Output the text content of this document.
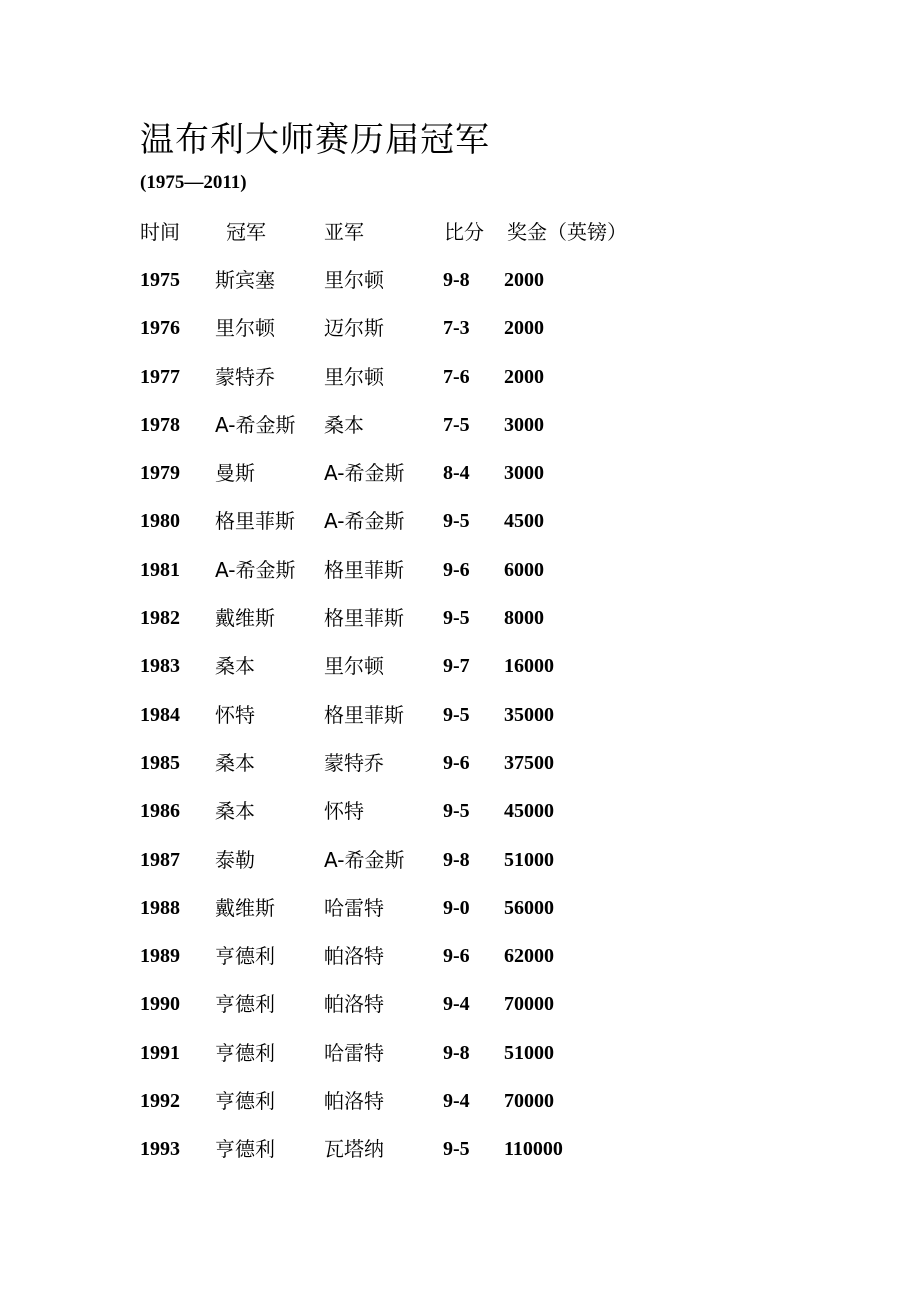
温布利大师赛历届冠军
(1975—2011)
时间 冠军	亚军	比分 奖金（英镑）
1975 斯宾塞 里尔顿	9-8 2000
1976 里尔顿 迈尔斯	7-3 2000
1977 蒙特乔 里尔顿	7-6 2000
1978 A-希金斯 桑本	7-5 3000
1979 曼斯	A-希金斯 8-4 3000
1980 格里菲斯 A-希金斯 9-5 4500
1981 A-希金斯 格里菲斯 9-6 6000
1982 戴维斯 格里菲斯 9-5 8000
1983 桑本	里尔顿	9-7 16000
1984 怀特	格里菲斯 9-5 35000
1985 桑本	蒙特乔	9-6 37500
1986 桑本	怀特	9-5 45000
1987 泰勒	A-希金斯 9-8 51000
1988 戴维斯 哈雷特	9-0 56000
1989 亨德利 帕洛特	9-6 62000
1990 亨德利 帕洛特	9-4 70000
1991 亨德利 哈雷特	9-8 51000
1992 亨德利 帕洛特	9-4 70000
1993 亨德利 瓦塔纳	9-5 110000
